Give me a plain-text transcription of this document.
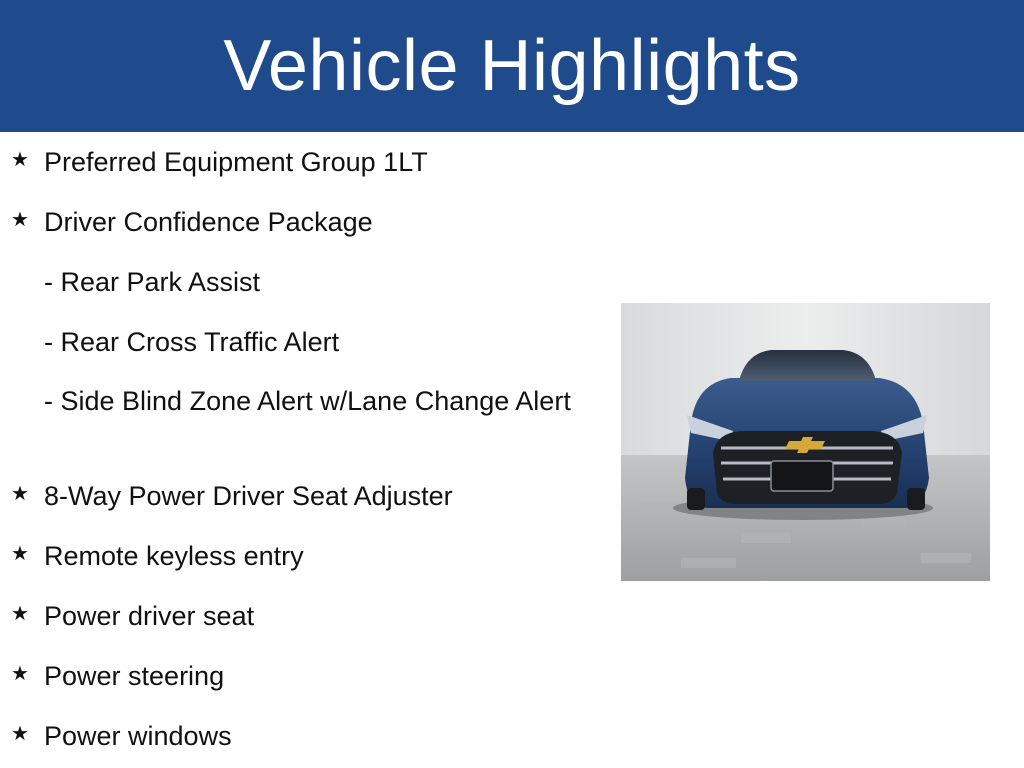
Vehicle Highlights
★ Preferred Equipment Group 1LT
★ Driver Confidence Package
- Rear Park Assist
- Rear Cross Traffic Alert
- Side Blind Zone Alert w/Lane Change Alert
★ 8-Way Power Driver Seat Adjuster
★ Remote keyless entry
★ Power driver seat
★ Power steering
★ Power windows
